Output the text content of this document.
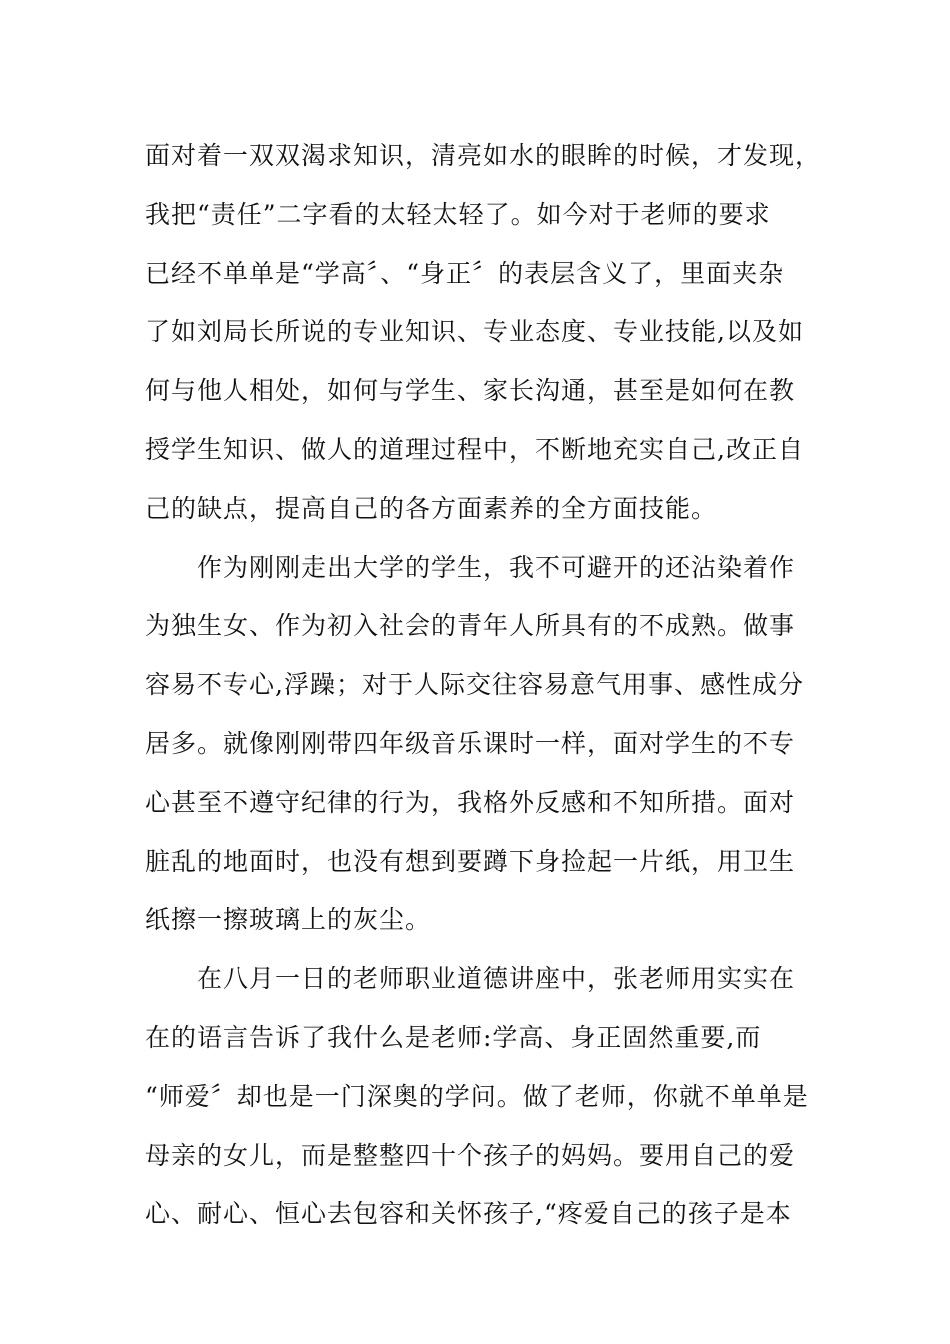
面对着一双双渴求知识，清亮如水的眼眸的时候，才发现，
我把“责任”二字看的太轻太轻了。如今对于老师的要求
已经不单单是“学高〞、“身正〞的表层含义了，里面夹杂
了如刘局长所说的专业知识、专业态度、专业技能,以及如
何与他人相处，如何与学生、家长沟通，甚至是如何在教
授学生知识、做人的道理过程中，不断地充实自己,改正自
己的缺点，提高自己的各方面素养的全方面技能。
作为刚刚走出大学的学生，我不可避开的还沾染着作
为独生女、作为初入社会的青年人所具有的不成熟。做事
容易不专心,浮躁；对于人际交往容易意气用事、感性成分
居多。就像刚刚带四年级音乐课时一样，面对学生的不专
心甚至不遵守纪律的行为，我格外反感和不知所措。面对
脏乱的地面时，也没有想到要蹲下身捡起一片纸，用卫生
纸擦一擦玻璃上的灰尘。
在八月一日的老师职业道德讲座中，张老师用实实在
在的语言告诉了我什么是老师:学高、身正固然重要,而
“师爱〞却也是一门深奥的学问。做了老师，你就不单单是
母亲的女儿，而是整整四十个孩子的妈妈。要用自己的爱
心、耐心、恒心去包容和关怀孩子,“疼爱自己的孩子是本
